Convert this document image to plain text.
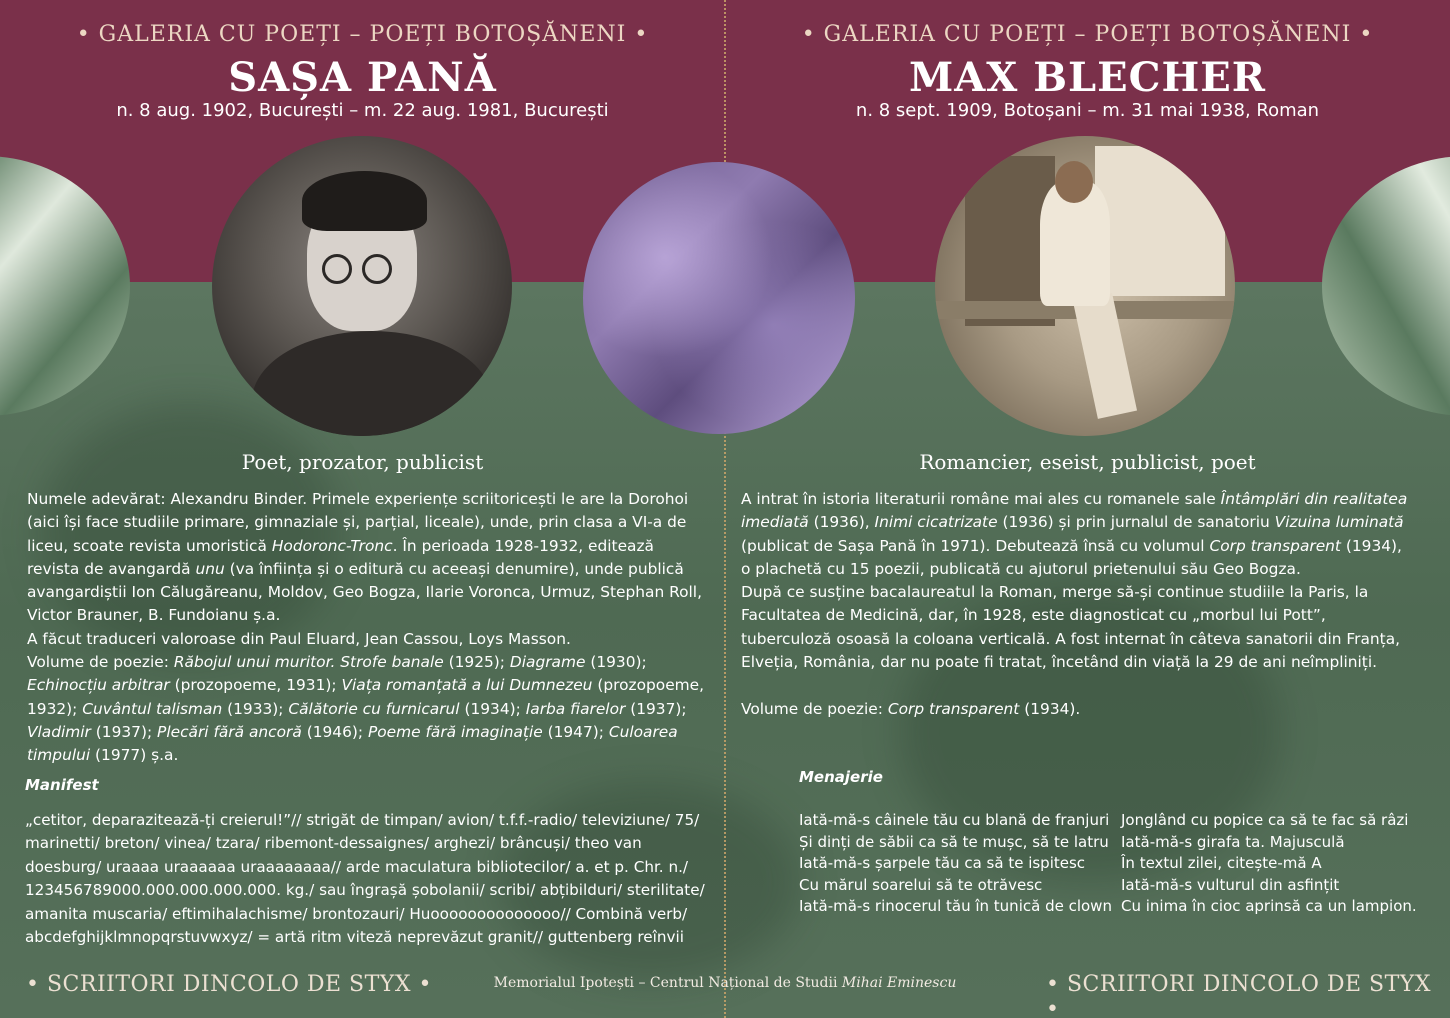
• GALERIA CU POEȚI – POEȚI BOTOȘĂNENI •
SAȘA PANĂ
n. 8 aug. 1902, București – m. 22 aug. 1981, București
• GALERIA CU POEȚI – POEȚI BOTOȘĂNENI •
MAX BLECHER
n. 8 sept. 1909, Botoșani – m. 31 mai 1938, Roman
Poet, prozator, publicist
Numele adevărat: Alexandru Binder. Primele experiențe scriitoricești le are la Dorohoi (aici își face studiile primare, gimnaziale și, parțial, liceale), unde, prin clasa a VI-a de liceu, scoate revista umoristică Hodoronc-Tronc. În perioada 1928-1932, editează revista de avangardă unu (va înființa și o editură cu aceeași denumire), unde publică avangardiștii Ion Călugăreanu, Moldov, Geo Bogza, Ilarie Voronca, Urmuz, Stephan Roll, Victor Brauner, B. Fundoianu ș.a.
A făcut traduceri valoroase din Paul Eluard, Jean Cassou, Loys Masson.
Volume de poezie: Răbojul unui muritor. Strofe banale (1925); Diagrame (1930); Echinocțiu arbitrar (prozopoeme, 1931); Viața romanțată a lui Dumnezeu (prozopoeme, 1932); Cuvântul talisman (1933); Călătorie cu furnicarul (1934); Iarba fiarelor (1937); Vladimir (1937); Plecări fără ancoră (1946); Poeme fără imaginație (1947); Culoarea timpului (1977) ș.a.
Manifest
„cetitor, deparazitează-ți creierul!”// strigăt de timpan/ avion/ t.f.f.-radio/ televiziune/ 75/ marinetti/ breton/ vinea/ tzara/ ribemont-dessaignes/ arghezi/ brâncuși/ theo van doesburg/ uraaaa uraaaaaa uraaaaaaaa// arde maculatura bibliotecilor/ a. et p. Chr. n./ 123456789000.000.000.000.000. kg./ sau îngrașă șobolanii/ scribi/ abțibilduri/ sterilitate/ amanita muscaria/ eftimihalachisme/ brontozauri/ Huoooooooooooooo// Combină verb/ abcdefghijklmnopqrstuvwxyz/ = artă ritm viteză neprevăzut granit// guttenberg reînvii
Romancier, eseist, publicist, poet
A intrat în istoria literaturii române mai ales cu romanele sale Întâmplări din realitatea imediată (1936), Inimi cicatrizate (1936) și prin jurnalul de sanatoriu Vizuina luminată (publicat de Sașa Pană în 1971). Debutează însă cu volumul Corp transparent (1934), o plachetă cu 15 poezii, publicată cu ajutorul prietenului său Geo Bogza.
După ce susține bacalaureatul la Roman, merge să-și continue studiile la Paris, la Facultatea de Medicină, dar, în 1928, este diagnosticat cu „morbul lui Pott”, tuberculoză osoasă la coloana verticală. A fost internat în câteva sanatorii din Franța, Elveția, România, dar nu poate fi tratat, încetând din viață la 29 de ani neîmpliniți.

Volume de poezie: Corp transparent (1934).
Menajerie
Iată-mă-s câinele tău cu blană de franjuri
Și dinți de săbii ca să te mușc, să te latru
Iată-mă-s șarpele tău ca să te ispitesc
Cu mărul soarelui să te otrăvesc
Iată-mă-s rinocerul tău în tunică de clown
Jonglând cu popice ca să te fac să râzi
Iată-mă-s girafa ta. Majusculă
În textul zilei, citește-mă A
Iată-mă-s vulturul din asfințit
Cu inima în cioc aprinsă ca un lampion.
• SCRIITORI DINCOLO DE STYX •	Memorialul Ipotești – Centrul Național de Studii Mihai Eminescu	• SCRIITORI DINCOLO DE STYX •
